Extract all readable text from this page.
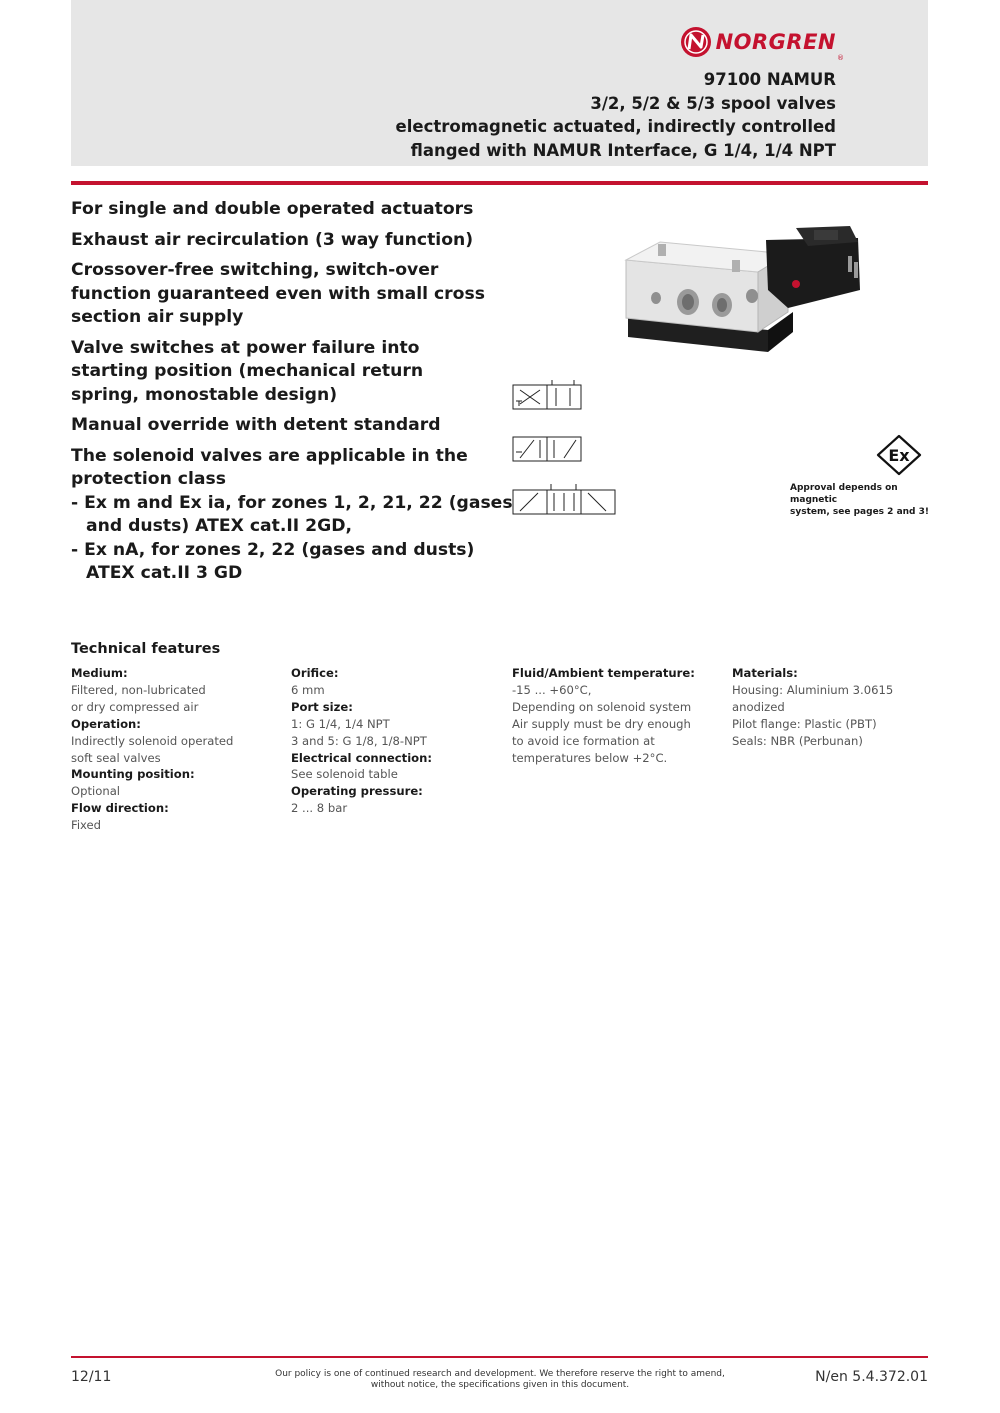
NORGREN
®
97100 NAMUR
3/2, 5/2 & 5/3 spool valves
electromagnetic actuated, indirectly controlled
flanged with NAMUR Interface, G 1/4, 1/4 NPT
For single and double operated actuators
Exhaust air recirculation (3 way function)
Crossover-free switching, switch-over
function guaranteed even with small cross
section air supply
Valve switches at power failure into
starting position (mechanical return
spring, monostable design)
Manual override with detent standard
The solenoid valves are applicable in the
protection class
- Ex m and Ex ia, for zones 1, 2, 21, 22 (gases
and dusts) ATEX cat.II 2GD,
- Ex nA, for zones 2, 22 (gases and dusts)
ATEX cat.II 3 GD
Ex
Approval depends on magnetic
system, see pages 2 and 3!
Technical features
Medium:
Filtered, non-lubricated
or dry compressed air
Operation:
Indirectly solenoid operated
soft seal valves
Mounting position:
Optional
Flow direction:
Fixed
Orifice:
6 mm
Port size:
1: G 1/4, 1/4 NPT
3 and 5: G 1/8, 1/8-NPT
Electrical connection:
See solenoid table
Operating pressure:
2 ... 8 bar
Fluid/Ambient temperature:
-15 ... +60°C,
Depending on solenoid system
Air supply must be dry enough
to avoid ice formation at
temperatures below +2°C.
Materials:
Housing: Aluminium 3.0615
anodized
Pilot flange: Plastic (PBT)
Seals: NBR (Perbunan)
12/11	Our policy is one of continued research and development. We therefore reserve the right to amend,
without notice, the specifications given in this document.	N/en 5.4.372.01
